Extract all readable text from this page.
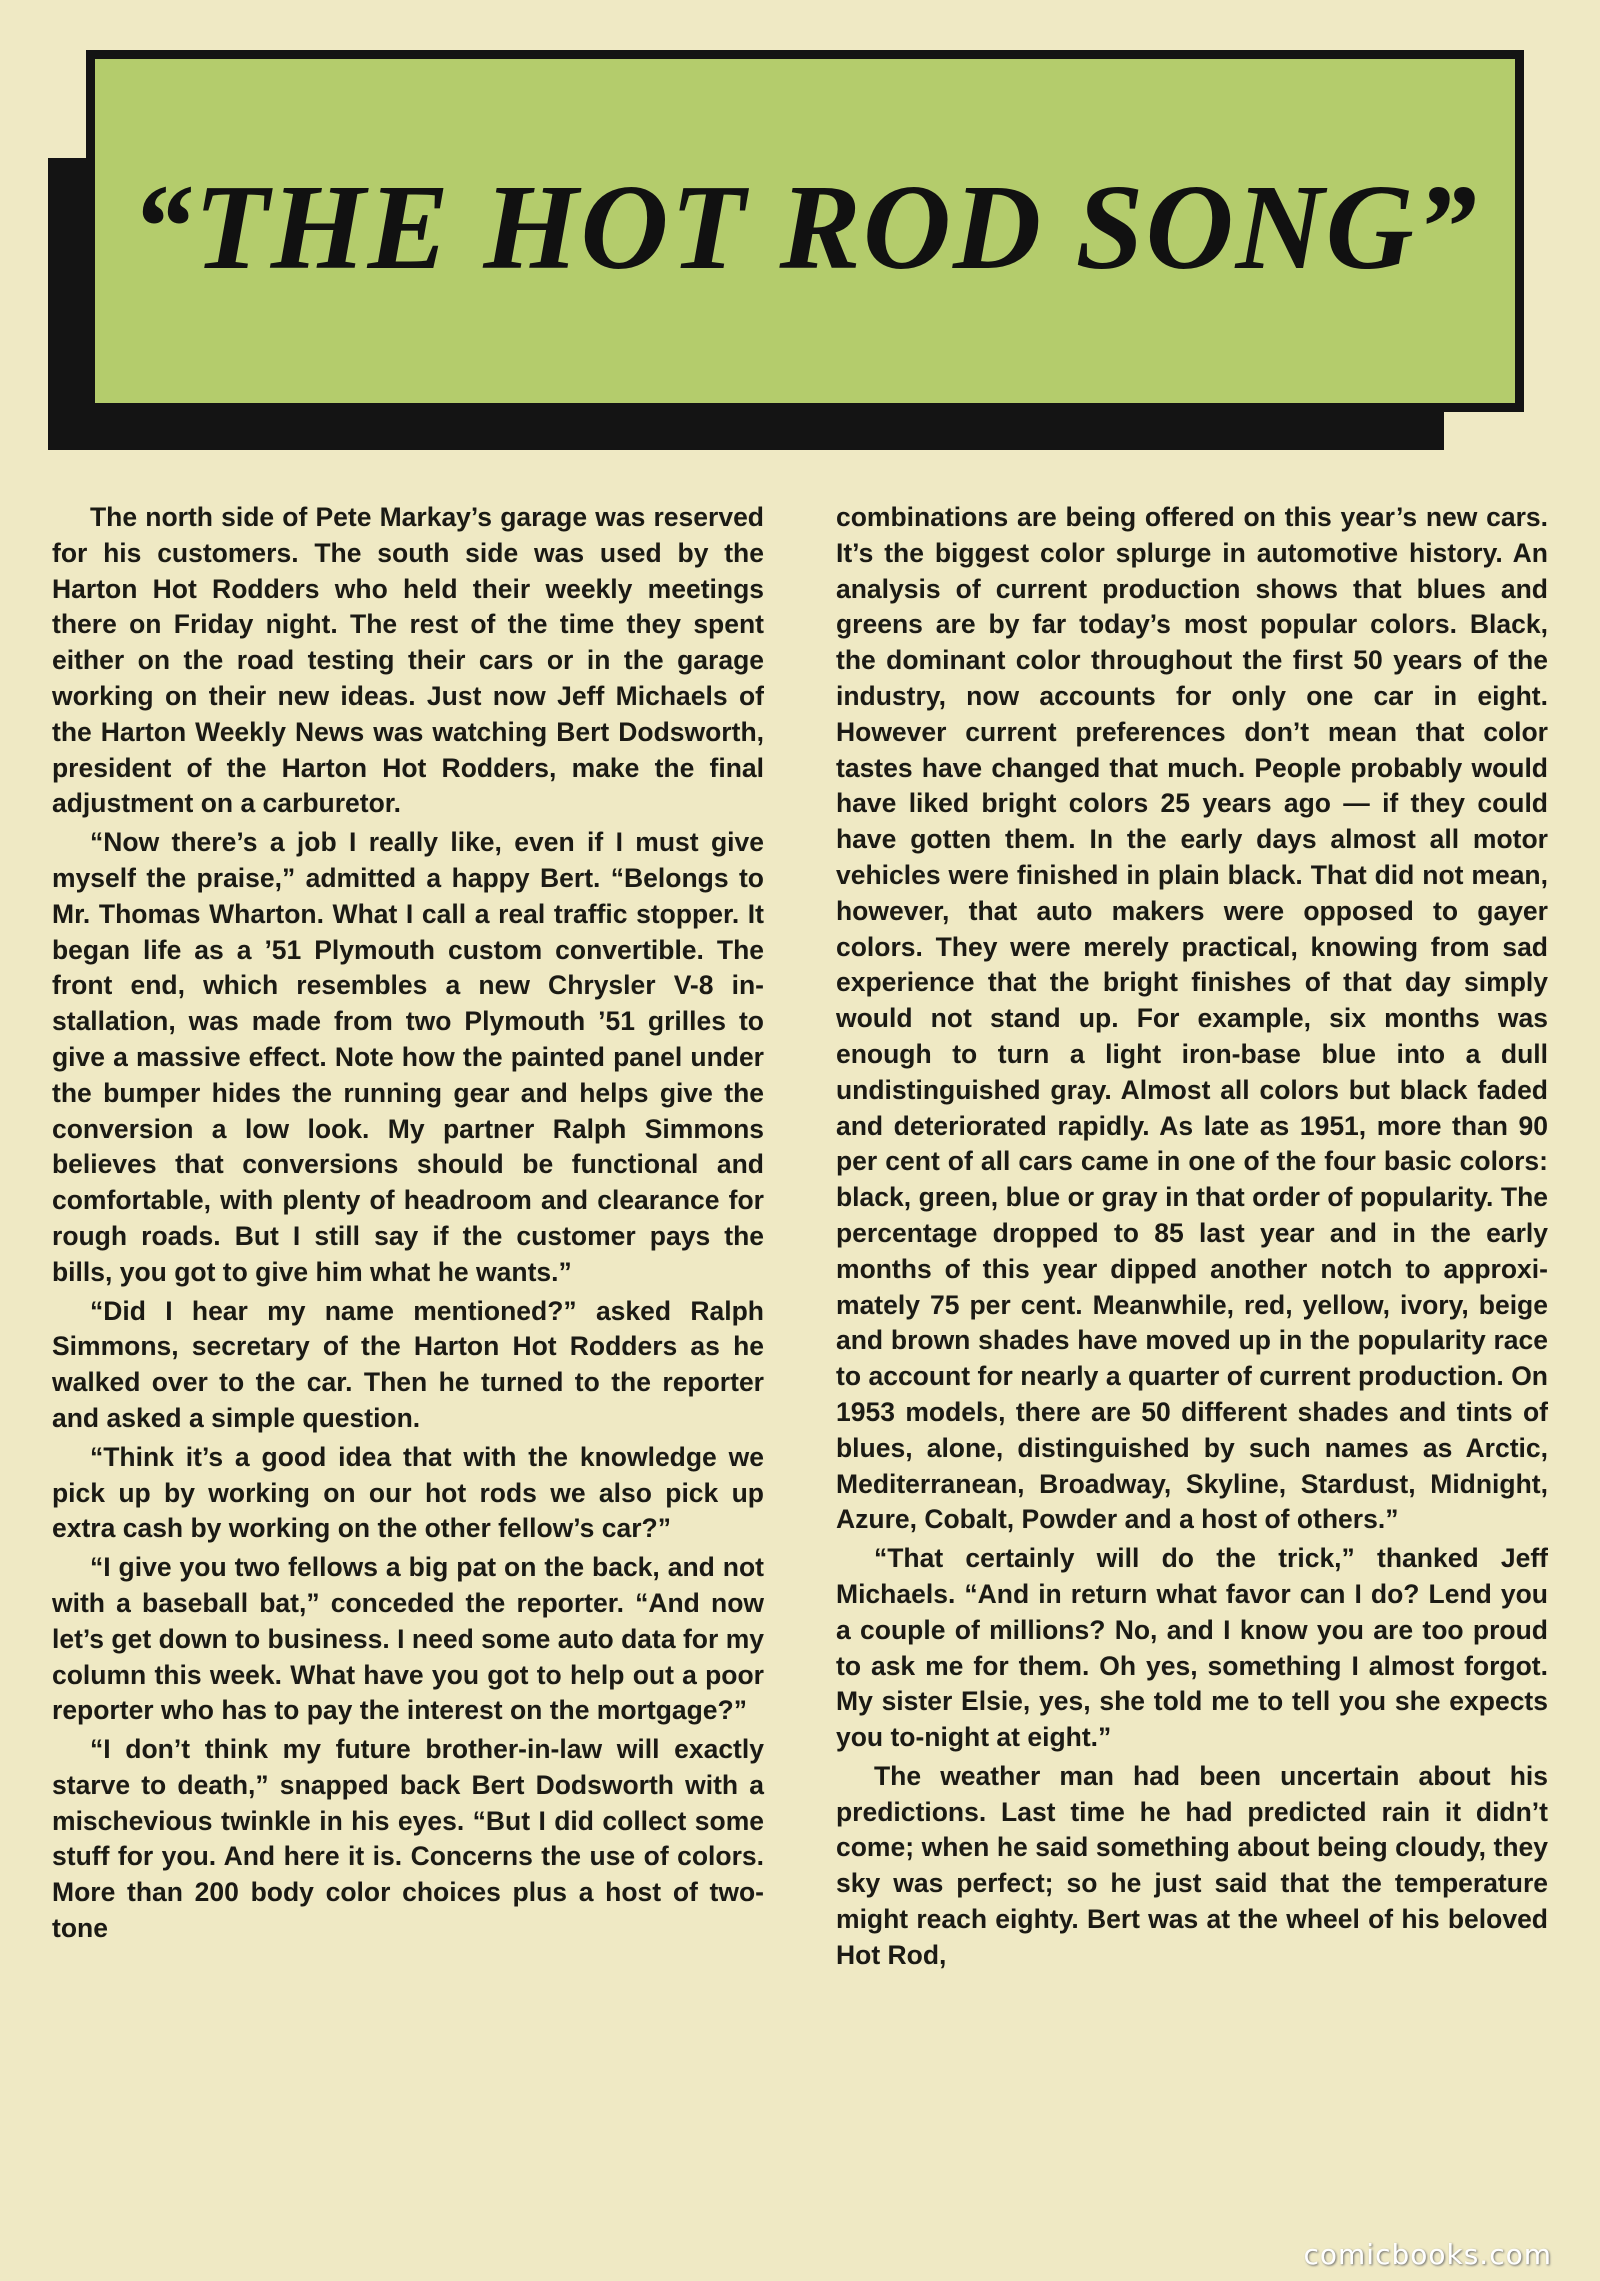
“THE HOT ROD SONG”

The north side of Pete Markay’s garage was reserved for his customers. The south side was used by the Harton Hot Rodders who held their weekly meetings there on Friday night. The rest of the time they spent either on the road testing their cars or in the garage working on their new ideas. Just now Jeff Michaels of the Harton Weekly News was watching Bert Dodsworth, president of the Harton Hot Rodders, make the final adjustment on a carburetor.

“Now there’s a job I really like, even if I must give myself the praise,” admitted a happy Bert. “Belongs to Mr. Thomas Wharton. What I call a real traffic stopper. It began life as a ’51 Plymouth custom convertible. The front end, which resembles a new Chrysler V-8 installation, was made from two Plymouth ’51 grilles to give a massive effect. Note how the painted panel under the bumper hides the running gear and helps give the conversion a low look. My partner Ralph Simmons believes that conversions should be functional and comfortable, with plenty of headroom and clearance for rough roads. But I still say if the customer pays the bills, you got to give him what he wants.”

“Did I hear my name mentioned?” asked Ralph Simmons, secretary of the Harton Hot Rodders as he walked over to the car. Then he turned to the reporter and asked a simple question.

“Think it’s a good idea that with the knowledge we pick up by working on our hot rods we also pick up extra cash by working on the other fellow’s car?”

“I give you two fellows a big pat on the back, and not with a baseball bat,” conceded the reporter. “And now let’s get down to business. I need some auto data for my column this week. What have you got to help out a poor reporter who has to pay the interest on the mortgage?”

“I don’t think my future brother-in-law will exactly starve to death,” snapped back Bert Dodsworth with a mischevious twinkle in his eyes. “But I did collect some stuff for you. And here it is. Concerns the use of colors. More than 200 body color choices plus a host of two-tone

combinations are being offered on this year’s new cars. It’s the biggest color splurge in automotive history. An analysis of current production shows that blues and greens are by far today’s most popular colors. Black, the dominant color throughout the first 50 years of the industry, now accounts for only one car in eight. However current preferences don’t mean that color tastes have changed that much. People probably would have liked bright colors 25 years ago — if they could have gotten them. In the early days almost all motor vehicles were finished in plain black. That did not mean, however, that auto makers were opposed to gayer colors. They were merely practical, knowing from sad experience that the bright finishes of that day simply would not stand up. For example, six months was enough to turn a light iron-base blue into a dull undistinguished gray. Almost all colors but black faded and deteriorated rapidly. As late as 1951, more than 90 per cent of all cars came in one of the four basic colors: black, green, blue or gray in that order of popularity. The percentage dropped to 85 last year and in the early months of this year dipped another notch to approximately 75 per cent. Meanwhile, red, yellow, ivory, beige and brown shades have moved up in the popularity race to account for nearly a quarter of current production. On 1953 models, there are 50 different shades and tints of blues, alone, distinguished by such names as Arctic, Mediterranean, Broadway, Skyline, Stardust, Midnight, Azure, Cobalt, Powder and a host of others.”

“That certainly will do the trick,” thanked Jeff Michaels. “And in return what favor can I do? Lend you a couple of millions? No, and I know you are too proud to ask me for them. Oh yes, something I almost forgot. My sister Elsie, yes, she told me to tell you she expects you to-night at eight.”

The weather man had been uncertain about his predictions. Last time he had predicted rain it didn’t come; when he said something about being cloudy, they sky was perfect; so he just said that the temperature might reach eighty. Bert was at the wheel of his beloved Hot Rod,

comicbooks.com
